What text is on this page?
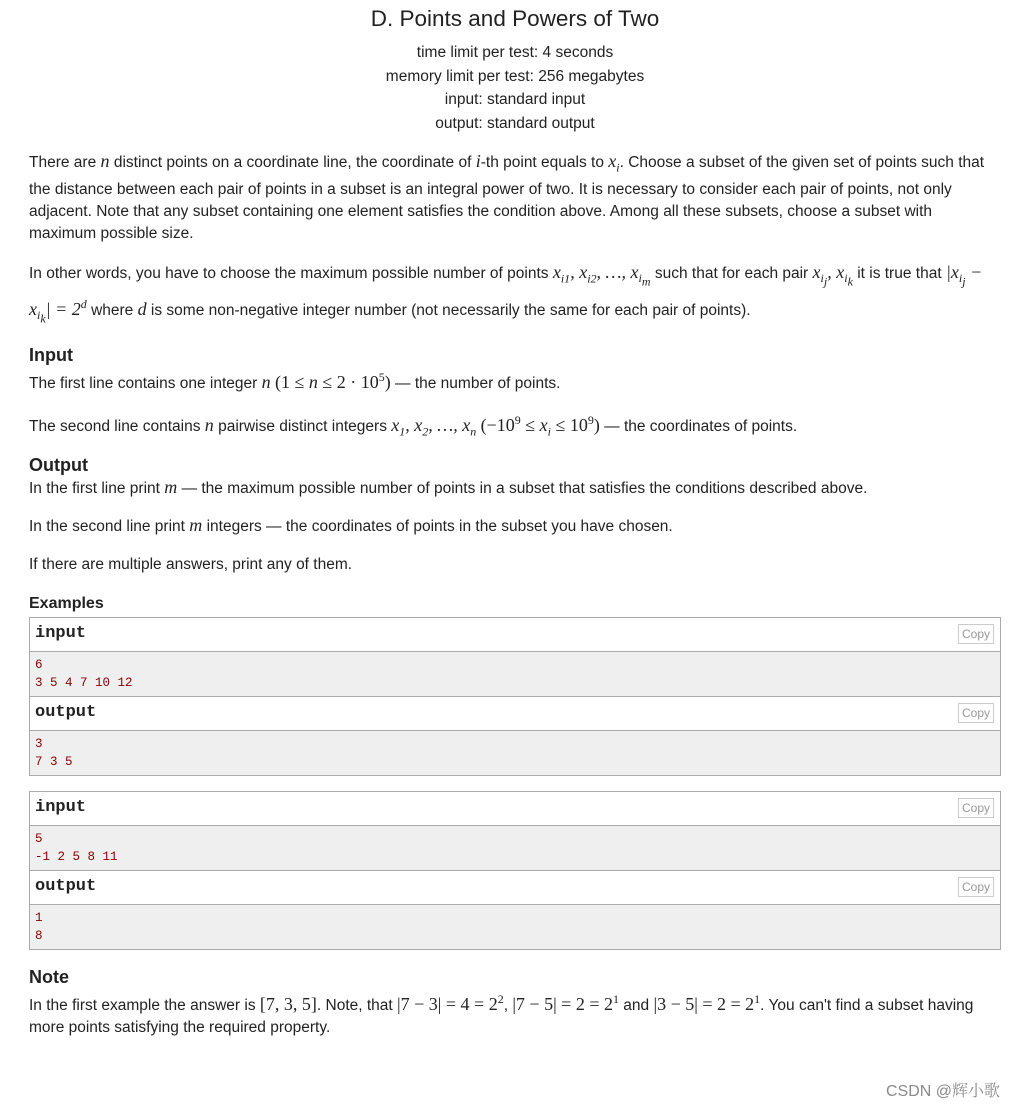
D. Points and Powers of Two
time limit per test: 4 seconds
memory limit per test: 256 megabytes
input: standard input
output: standard output

There are n distinct points on a coordinate line, the coordinate of i-th point equals to $x_i$. Choose a subset of the given set of points such that the distance between each pair of points in a subset is an integral power of two. It is necessary to consider each pair of points, not only adjacent. Note that any subset containing one element satisfies the condition above. Among all these subsets, choose a subset with maximum possible size.

In other words, you have to choose the maximum possible number of points $x_{i1}$, $x_{i2}$, …, $x_{i_m}$ such that for each pair $x_{i_j}$, $x_{i_k}$ it is true that $|x_{i_j} - x_{i_k}| = 2^d$ where d is some non-negative integer number (not necessarily the same for each pair of points).

Input

The first line contains one integer n $(1 \le n \le 2 \cdot 10^5)$ — the number of points.

The second line contains n pairwise distinct integers $x_1$, $x_2$, …, $x_n$ $(-10^9 \le x_i \le 10^9)$ — the coordinates of points.

Output

In the first line print m — the maximum possible number of points in a subset that satisfies the conditions described above.

In the second line print m integers — the coordinates of points in the subset you have chosen.

If there are multiple answers, print any of them.

Examples
input	Copy
6
3 5 4 7 10 12
output	Copy
3
7 3 5
input	Copy
5
-1 2 5 8 11
output	Copy
1
8
Note

In the first example the answer is [7, 3, 5]. Note, that $|7 - 3| = 4 = 2^2$, $|7 - 5| = 2 = 2^1$ and $|3 - 5| = 2 = 2^1$. You can't find a subset having more points satisfying the required property.

CSDN @辉小歌
